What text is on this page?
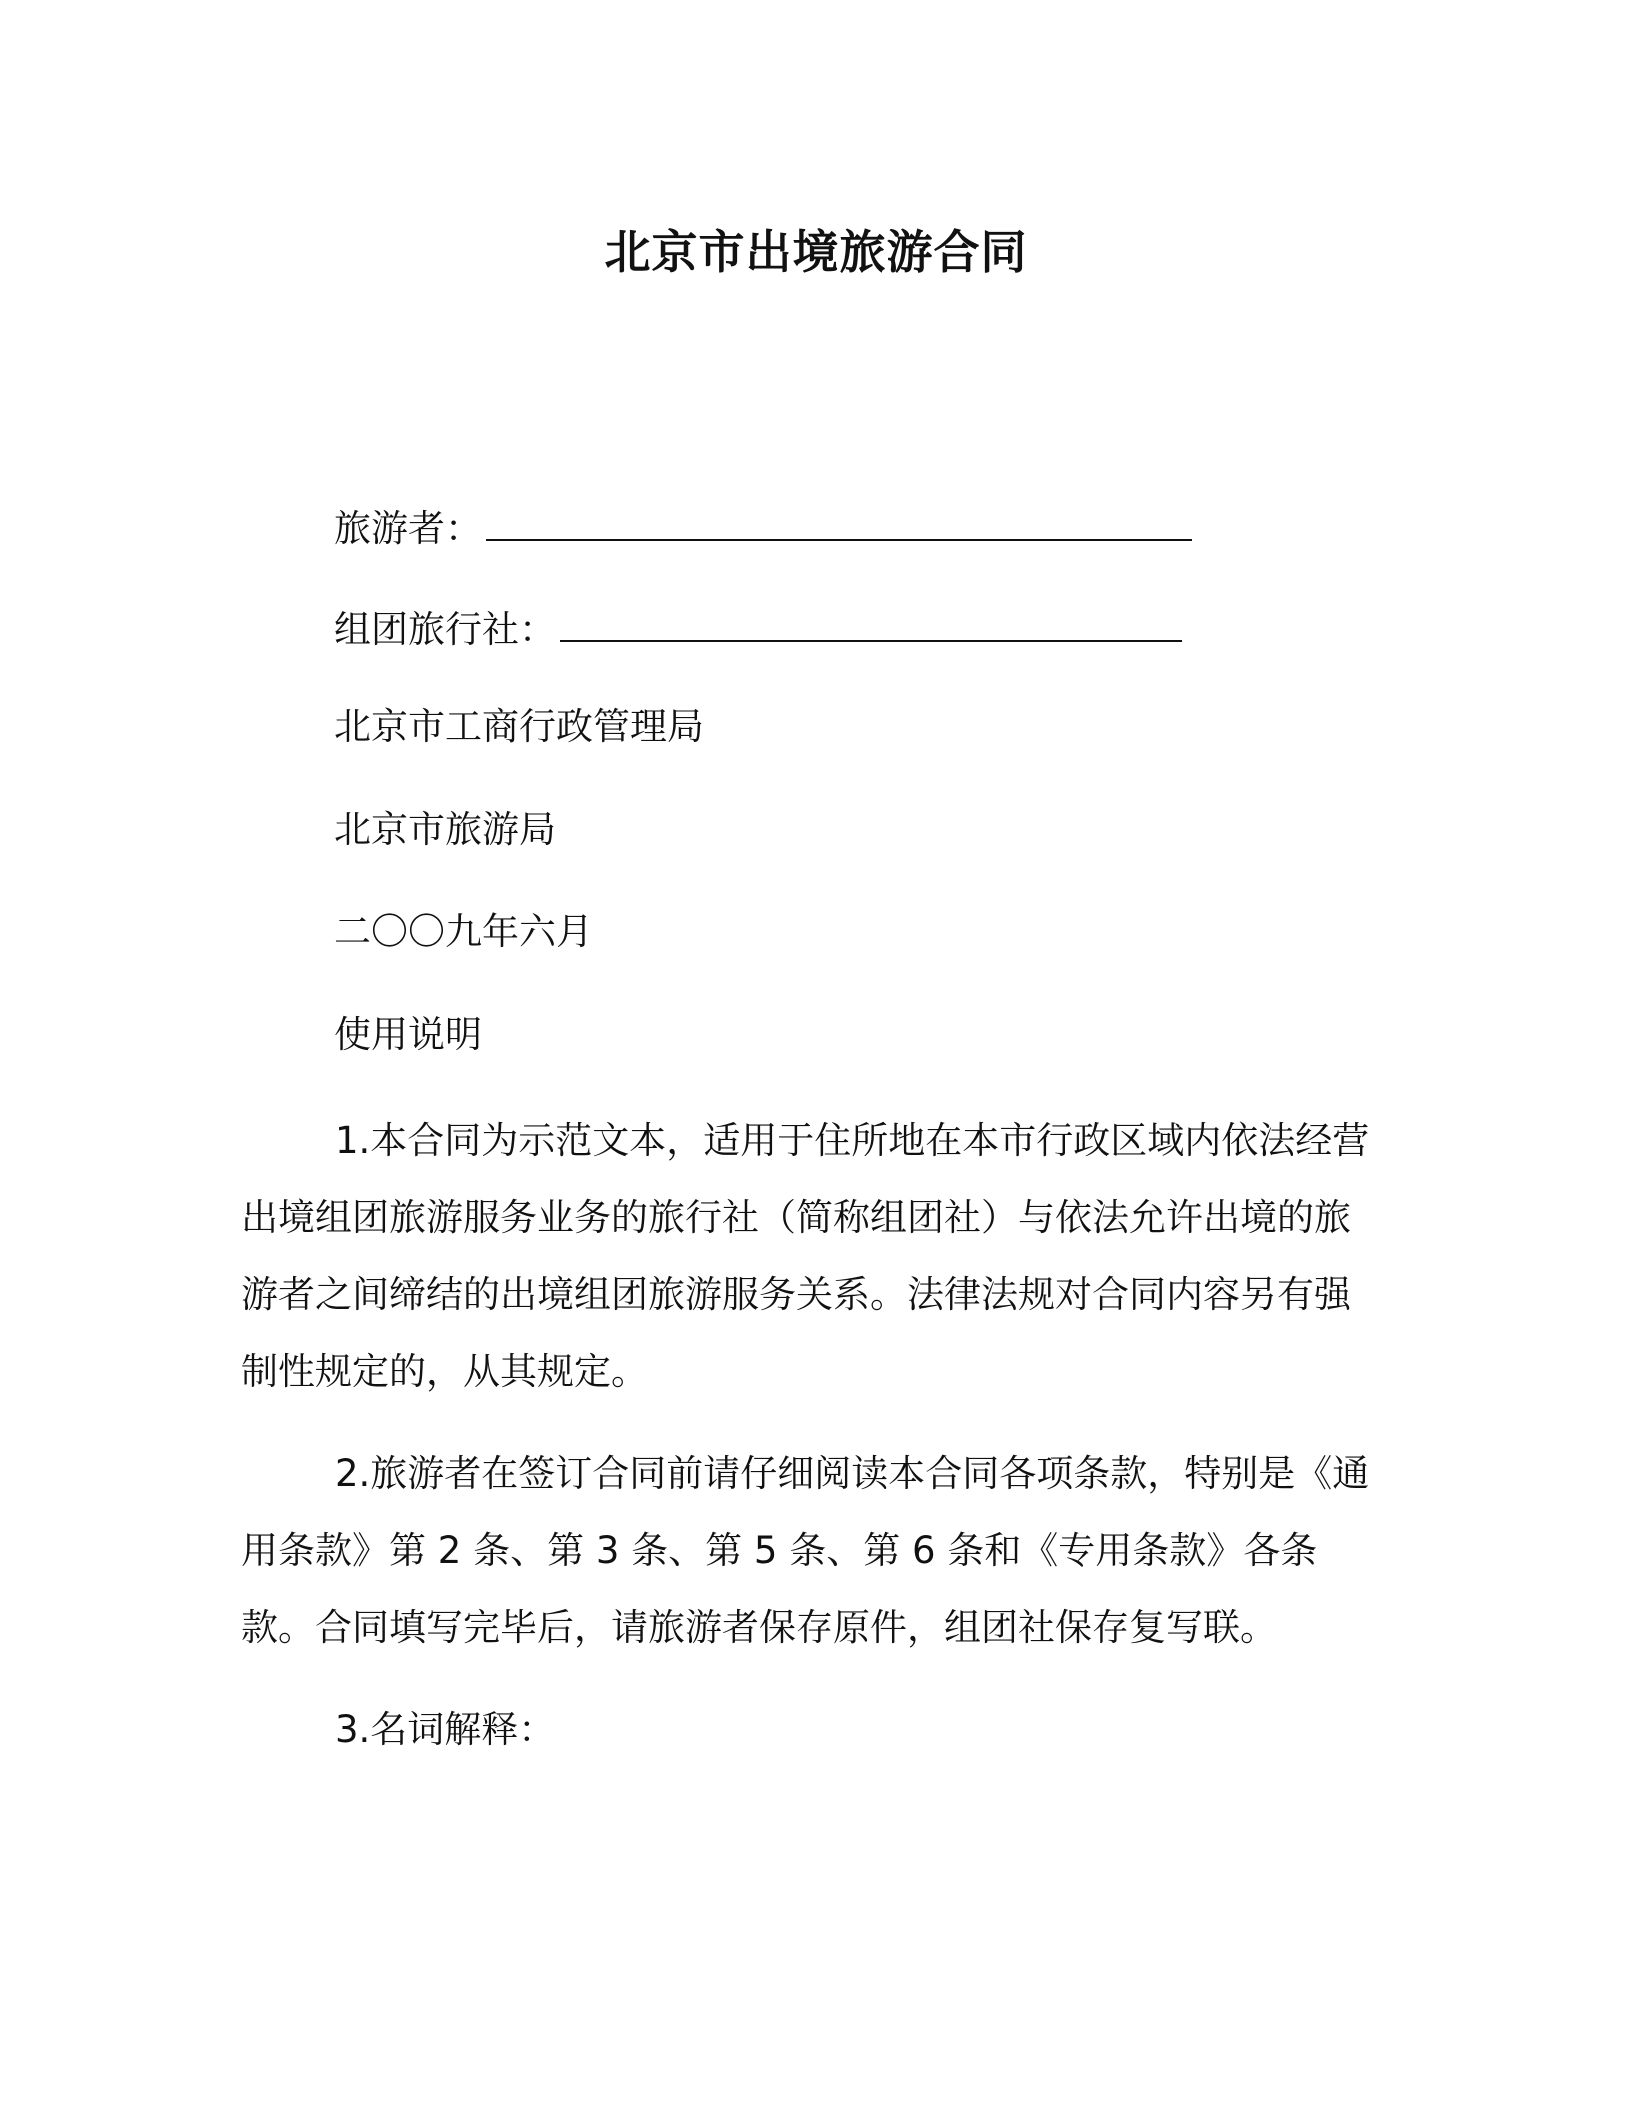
北京市出境旅游合同
旅游者：
组团旅行社：
北京市工商行政管理局
北京市旅游局
二〇〇九年六月
使用说明

1.本合同为示范文本，适用于住所地在本市行政区域内依法经营出境组团旅游服务业务的旅行社（简称组团社）与依法允许出境的旅游者之间缔结的出境组团旅游服务关系。法律法规对合同内容另有强制性规定的，从其规定。

2.旅游者在签订合同前请仔细阅读本合同各项条款，特别是《通用条款》第 2 条、第 3 条、第 5 条、第 6 条和《专用条款》各条款。合同填写完毕后，请旅游者保存原件，组团社保存复写联。

3.名词解释：
